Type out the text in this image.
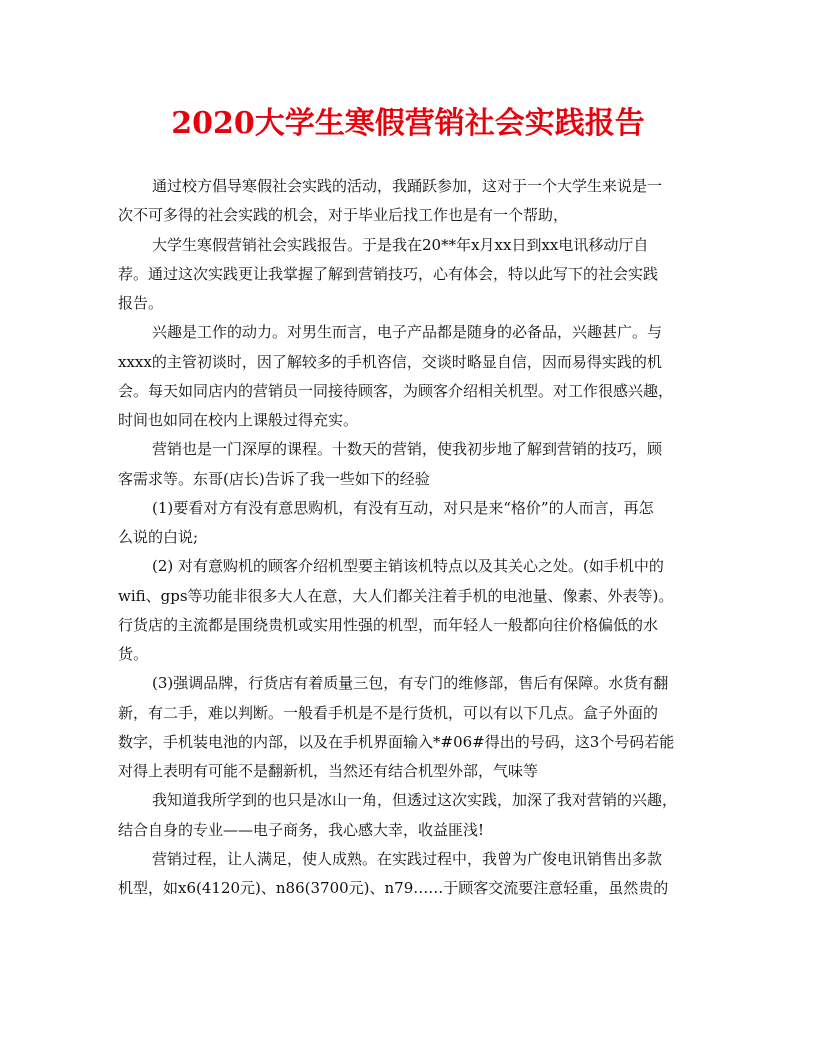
2020大学生寒假营销社会实践报告
通过校方倡导寒假社会实践的活动，我踊跃参加，这对于一个大学生来说是一
次不可多得的社会实践的机会，对于毕业后找工作也是有一个帮助，
大学生寒假营销社会实践报告。于是我在20**年x月xx日到xx电讯移动厅自
荐。通过这次实践更让我掌握了解到营销技巧，心有体会，特以此写下的社会实践
报告。
兴趣是工作的动力。对男生而言，电子产品都是随身的必备品，兴趣甚广。与
xxxx的主管初谈时，因了解较多的手机咨信，交谈时略显自信，因而易得实践的机
会。每天如同店内的营销员一同接待顾客，为顾客介绍相关机型。对工作很感兴趣，
时间也如同在校内上课般过得充实。
营销也是一门深厚的课程。十数天的营销，使我初步地了解到营销的技巧，顾
客需求等。东哥(店长)告诉了我一些如下的经验
(1)要看对方有没有意思购机，有没有互动，对只是来“格价”的人而言，再怎
么说的白说;
(2) 对有意购机的顾客介绍机型要主销该机特点以及其关心之处。(如手机中的
wifi、gps等功能非很多大人在意，大人们都关注着手机的电池量、像素、外表等)。
行货店的主流都是围绕贵机或实用性强的机型，而年轻人一般都向往价格偏低的水
货。
(3)强调品牌，行货店有着质量三包，有专门的维修部，售后有保障。水货有翻
新，有二手，难以判断。一般看手机是不是行货机，可以有以下几点。盒子外面的
数字，手机装电池的内部，以及在手机界面输入*#06#得出的号码，这3个号码若能
对得上表明有可能不是翻新机，当然还有结合机型外部，气味等
我知道我所学到的也只是冰山一角，但透过这次实践，加深了我对营销的兴趣，
结合自身的专业——电子商务，我心感大幸，收益匪浅!
营销过程，让人满足，使人成熟。在实践过程中，我曾为广俊电讯销售出多款
机型，如x6(4120元)、n86(3700元)、n79……于顾客交流要注意轻重，虽然贵的
